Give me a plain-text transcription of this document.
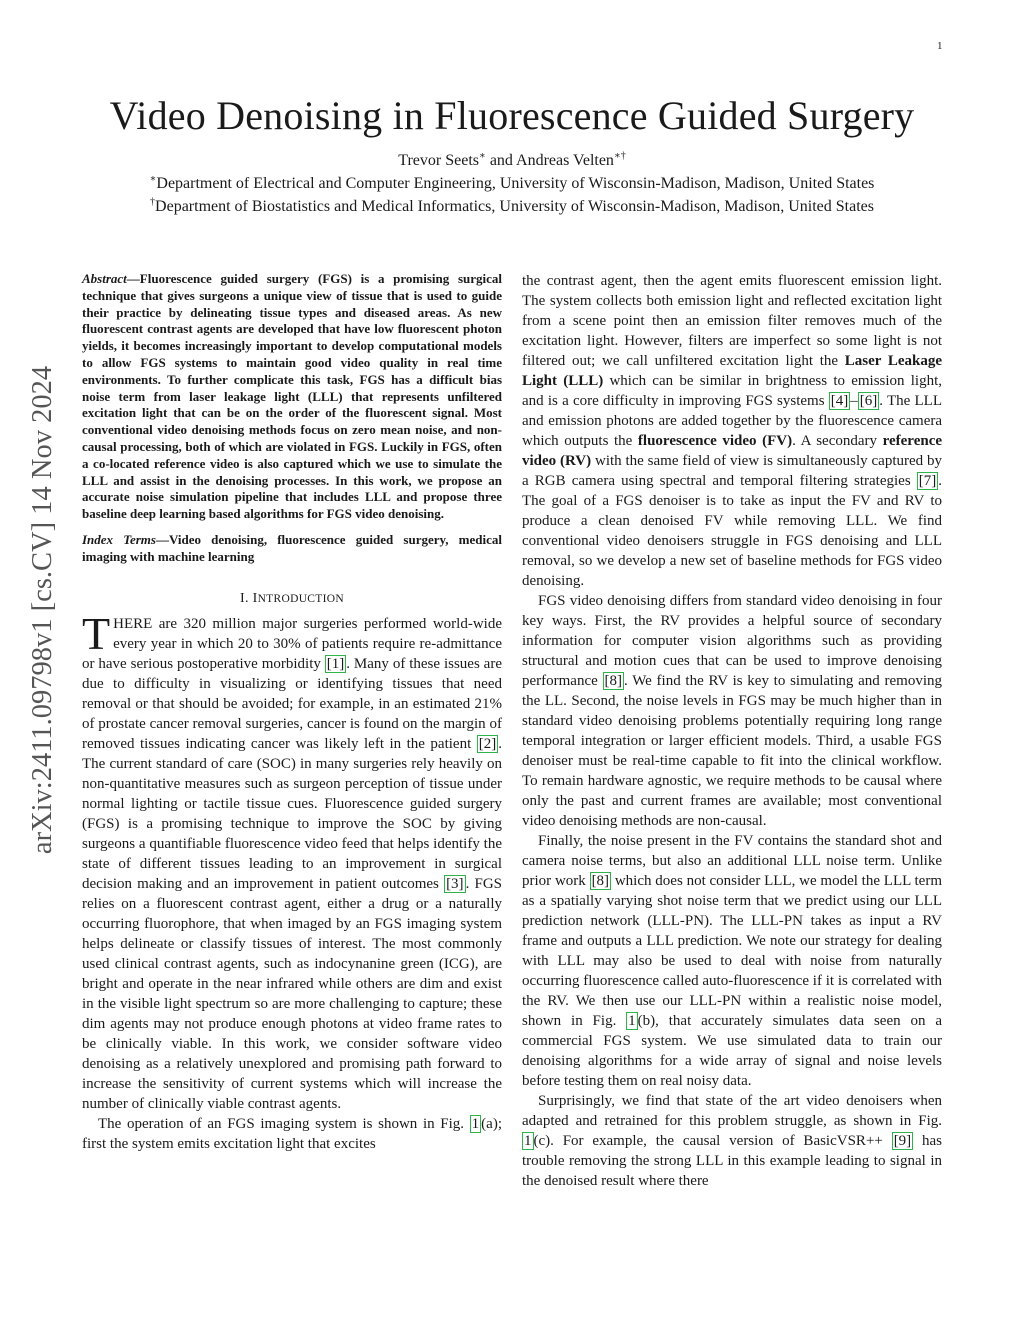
1
Video Denoising in Fluorescence Guided Surgery
Trevor Seets∗ and Andreas Velten∗†
∗Department of Electrical and Computer Engineering, University of Wisconsin-Madison, Madison, United States
†Department of Biostatistics and Medical Informatics, University of Wisconsin-Madison, Madison, United States
arXiv:2411.09798v1 [cs.CV] 14 Nov 2024

Abstract—Fluorescence guided surgery (FGS) is a promising surgical technique that gives surgeons a unique view of tissue that is used to guide their practice by delineating tissue types and diseased areas. As new fluorescent contrast agents are developed that have low fluorescent photon yields, it becomes increasingly important to develop computational models to allow FGS systems to maintain good video quality in real time environments. To further complicate this task, FGS has a difficult bias noise term from laser leakage light (LLL) that represents unfiltered excitation light that can be on the order of the fluorescent signal. Most conventional video denoising methods focus on zero mean noise, and non-causal processing, both of which are violated in FGS. Luckily in FGS, often a co-located reference video is also captured which we use to simulate the LLL and assist in the denoising processes. In this work, we propose an accurate noise simulation pipeline that includes LLL and propose three baseline deep learning based algorithms for FGS video denoising.

Index Terms—Video denoising, fluorescence guided surgery, medical imaging with machine learning

I. INTRODUCTION

THERE are 320 million major surgeries performed world-wide every year in which 20 to 30% of patients require re-admittance or have serious postoperative morbidity [1] . Many of these issues are due to difficulty in visualizing or identifying tissues that need removal or that should be avoided; for example, in an estimated 21% of prostate cancer removal surgeries, cancer is found on the margin of removed tissues indicating cancer was likely left in the patient [2] . The current standard of care (SOC) in many surgeries rely heavily on non-quantitative measures such as surgeon perception of tissue under normal lighting or tactile tissue cues. Fluorescence guided surgery (FGS) is a promising technique to improve the SOC by giving surgeons a quantifiable fluorescence video feed that helps identify the state of different tissues leading to an improvement in surgical decision making and an improvement in patient outcomes [3] . FGS relies on a fluorescent contrast agent, either a drug or a naturally occurring fluorophore, that when imaged by an FGS imaging system helps delineate or classify tissues of interest. The most commonly used clinical contrast agents, such as indocynanine green (ICG), are bright and operate in the near infrared while others are dim and exist in the visible light spectrum so are more challenging to capture; these dim agents may not produce enough photons at video frame rates to be clinically viable. In this work, we consider software video denoising as a relatively unexplored and promising path forward to increase the sensitivity of current systems which will increase the number of clinically viable contrast agents.

The operation of an FGS imaging system is shown in Fig. 1 (a); first the system emits excitation light that excites

the contrast agent, then the agent emits fluorescent emission light. The system collects both emission light and reflected excitation light from a scene point then an emission filter removes much of the excitation light. However, filters are imperfect so some light is not filtered out; we call unfiltered excitation light the Laser Leakage Light (LLL) which can be similar in brightness to emission light, and is a core difficulty in improving FGS systems [4] – [6] . The LLL and emission photons are added together by the fluorescence camera which outputs the fluorescence video (FV). A secondary reference video (RV) with the same field of view is simultaneously captured by a RGB camera using spectral and temporal filtering strategies [7] . The goal of a FGS denoiser is to take as input the FV and RV to produce a clean denoised FV while removing LLL. We find conventional video denoisers struggle in FGS denoising and LLL removal, so we develop a new set of baseline methods for FGS video denoising.

FGS video denoising differs from standard video denoising in four key ways. First, the RV provides a helpful source of secondary information for computer vision algorithms such as providing structural and motion cues that can be used to improve denoising performance [8] . We find the RV is key to simulating and removing the LL. Second, the noise levels in FGS may be much higher than in standard video denoising problems potentially requiring long range temporal integration or larger efficient models. Third, a usable FGS denoiser must be real-time capable to fit into the clinical workflow. To remain hardware agnostic, we require methods to be causal where only the past and current frames are available; most conventional video denoising methods are non-causal.

Finally, the noise present in the FV contains the standard shot and camera noise terms, but also an additional LLL noise term. Unlike prior work [8] which does not consider LLL, we model the LLL term as a spatially varying shot noise term that we predict using our LLL prediction network (LLL-PN). The LLL-PN takes as input a RV frame and outputs a LLL prediction. We note our strategy for dealing with LLL may also be used to deal with noise from naturally occurring fluorescence called auto-fluorescence if it is correlated with the RV. We then use our LLL-PN within a realistic noise model, shown in Fig. 1 (b), that accurately simulates data seen on a commercial FGS system. We use simulated data to train our denoising algorithms for a wide array of signal and noise levels before testing them on real noisy data.

Surprisingly, we find that state of the art video denoisers when adapted and retrained for this problem struggle, as shown in Fig. 1 (c). For example, the causal version of BasicVSR++ [9] has trouble removing the strong LLL in this example leading to signal in the denoised result where there
